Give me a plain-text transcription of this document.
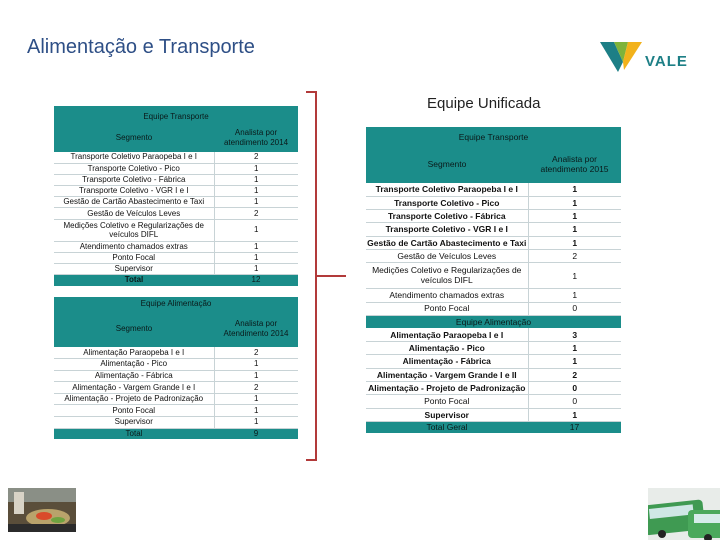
Alimentação e Transporte
VALE
Equipe Unificada
Equipe Transporte	
Segmento	Analista por atendimento 2014
Transporte Coletivo Paraopeba I e I	2
Transporte Coletivo - Pico	1
Transporte Coletivo - Fábrica	1
Transporte Coletivo - VGR I e I	1
Gestão de Cartão Abastecimento e Taxi	1
Gestão de Veículos Leves	2
Medições Coletivo e Regularizações de veículos DIFL	1
Atendimento chamados extras	1
Ponto Focal	1
Supervisor	1
Total	12
Equipe Alimentação	
Segmento	Analista por Atendimento 2014
Alimentação Paraopeba I e I	2
Alimentação - Pico	1
Alimentação - Fábrica	1
Alimentação - Vargem Grande I e I	2
Alimentação - Projeto de Padronização	1
Ponto Focal	1
Supervisor	1
Total	9
Equipe Transporte	
Segmento	Analista por atendimento 2015
Transporte Coletivo Paraopeba I e I	1
Transporte Coletivo - Pico	1
Transporte Coletivo - Fábrica	1
Transporte Coletivo - VGR I e I	1
Gestão de Cartão Abastecimento e Taxi	1
Gestão de Veículos Leves	2
Medições Coletivo e Regularizações de veículos DIFL	1
Atendimento chamados extras	1
Ponto Focal	0
Equipe Alimentação	
Alimentação Paraopeba I e I	3
Alimentação - Pico	1
Alimentação - Fábrica	1
Alimentação - Vargem Grande I e II	2
Alimentação - Projeto de Padronização	0
Ponto Focal	0
Supervisor	1
Total Geral	17
